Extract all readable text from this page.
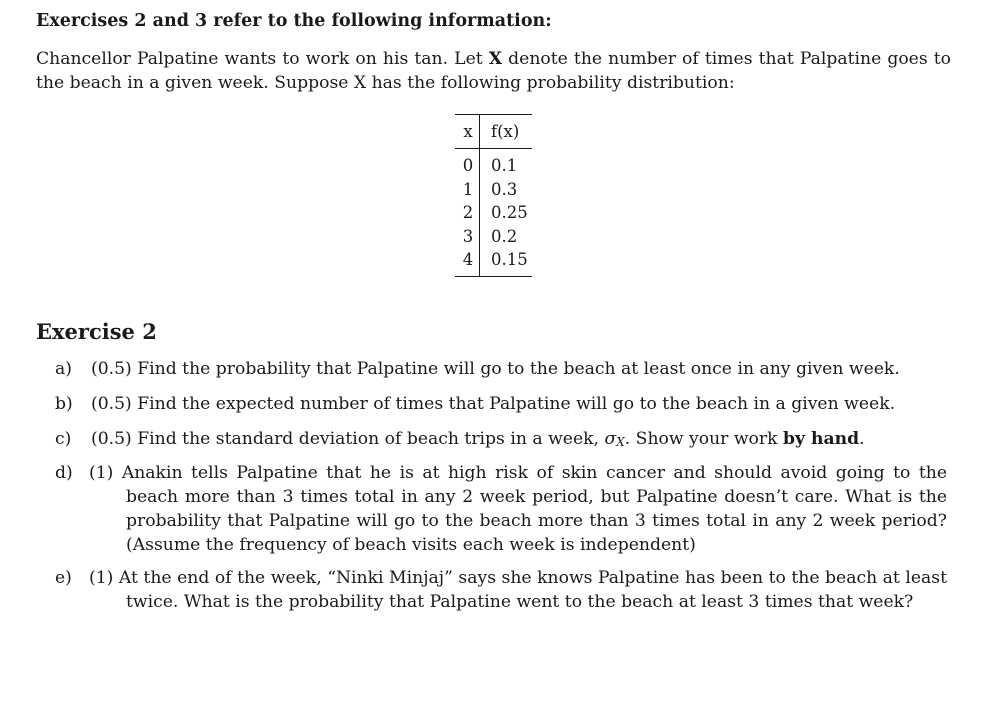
Exercises 2 and 3 refer to the following information:
Chancellor Palpatine wants to work on his tan. Let X denote the number of times that Palpatine goes to the beach in a given week. Suppose X has the following probability distribution:
x	f(x)
0	0.1
1	0.3
2	0.25
3	0.2
4	0.15
Exercise 2
a) (0.5) Find the probability that Palpatine will go to the beach at least once in any given week.
b) (0.5) Find the expected number of times that Palpatine will go to the beach in a given week.
c) (0.5) Find the standard deviation of beach trips in a week, σX. Show your work by hand.
d) (1) Anakin tells Palpatine that he is at high risk of skin cancer and should avoid going to the beach more than 3 times total in any 2 week period, but Palpatine doesn’t care. What is the probability that Palpatine will go to the beach more than 3 times total in any 2 week period? (Assume the frequency of beach visits each week is independent)
e) (1) At the end of the week, “Ninki Minjaj” says she knows Palpatine has been to the beach at least twice. What is the probability that Palpatine went to the beach at least 3 times that week?
